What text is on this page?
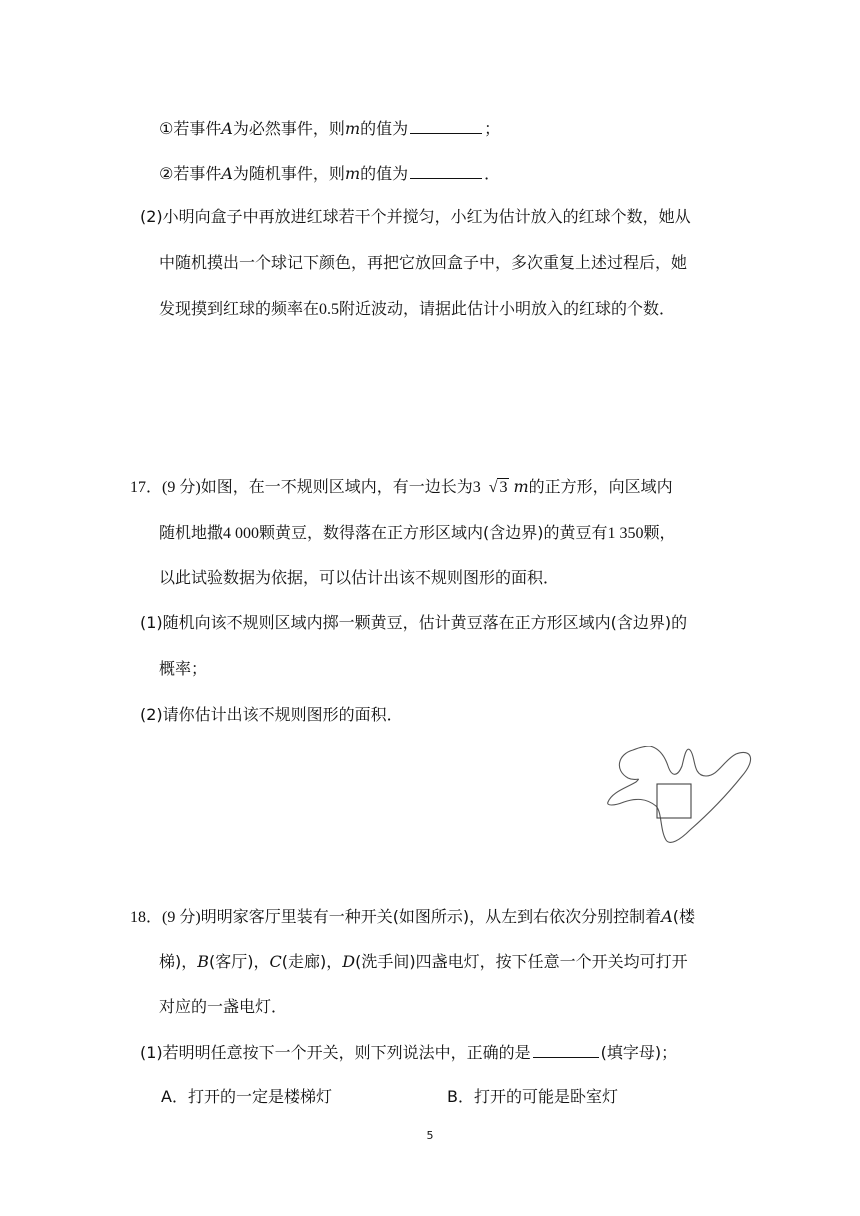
①若事件A为必然事件，则m的值为	；
②若事件A为随机事件，则m的值为	．
(2)小明向盒子中再放进红球若干个并搅匀，小红为估计放入的红球个数，她从
中随机摸出一个球记下颜色，再把它放回盒子中，多次重复上述过程后，她
发现摸到红球的频率在0.5附近波动，请据此估计小明放入的红球的个数．
17．(9 分)如图，在一不规则区域内，有一边长为3 √ 3 m的正方形，向区域内
随机地撒4 000颗黄豆，数得落在正方形区域内(含边界)的黄豆有1 350颗，
以此试验数据为依据，可以估计出该不规则图形的面积．
(1)随机向该不规则区域内掷一颗黄豆，估计黄豆落在正方形区域内(含边界)的
概率；
(2)请你估计出该不规则图形的面积．
18．(9 分)明明家客厅里装有一种开关(如图所示)，从左到右依次分别控制着A(楼
梯)，B(客厅)，C(走廊)，D(洗手间)四盏电灯，按下任意一个开关均可打开
对应的一盏电灯．
(1)若明明任意按下一个开关，则下列说法中，正确的是	(填字母)；
A．打开的一定是楼梯灯	B．打开的可能是卧室灯
5
